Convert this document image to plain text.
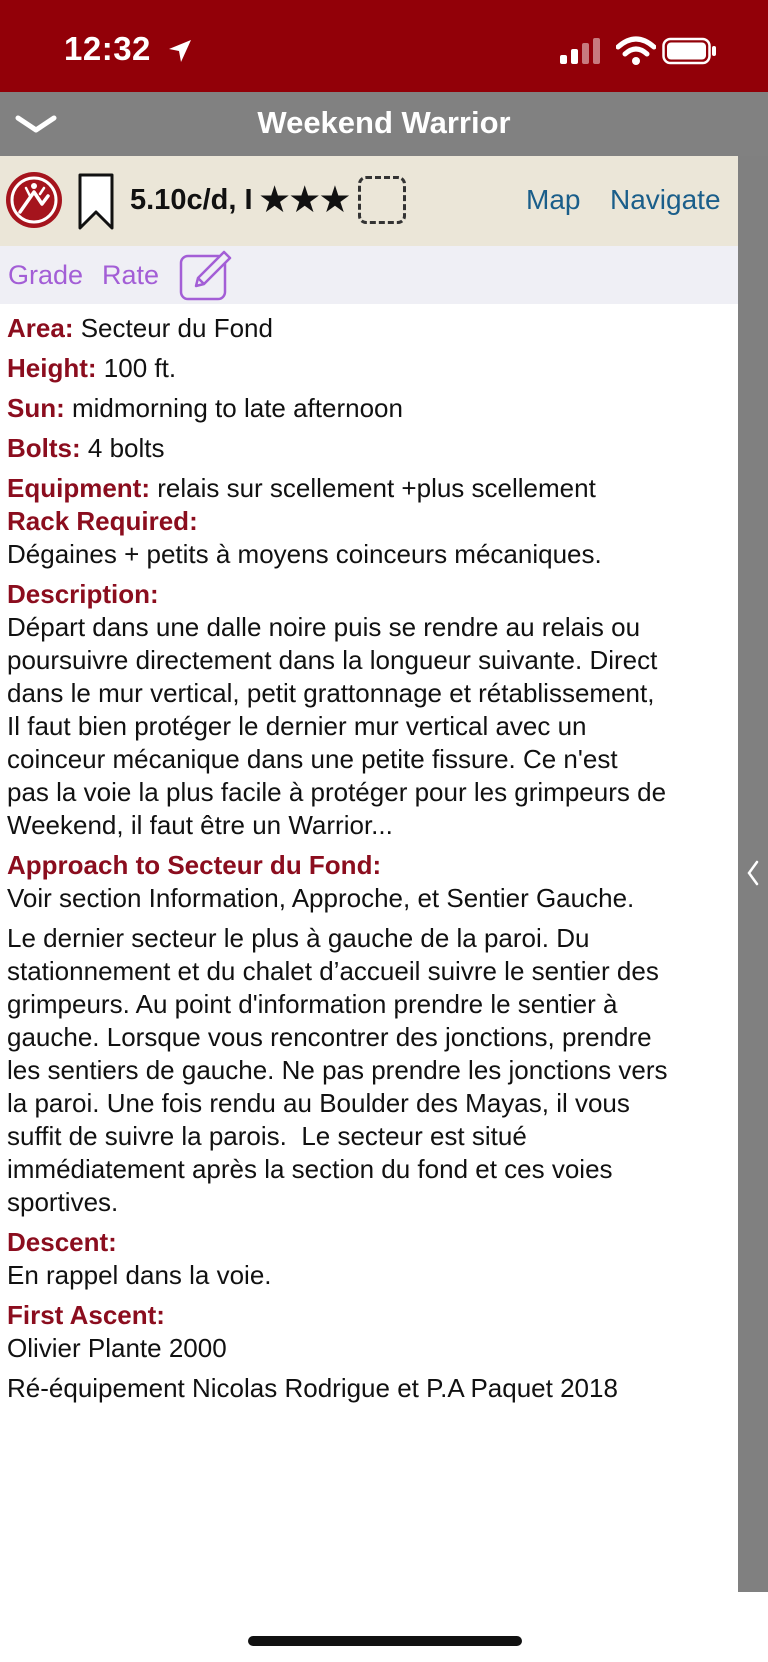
12:32
Weekend Warrior
5.10c/d, I ★★★	Map Navigate
Grade Rate
Area: Secteur du Fond
Height: 100 ft.
Sun: midmorning to late afternoon
Bolts: 4 bolts
Equipment: relais sur scellement +plus scellement
Rack Required:
Dégaines + petits à moyens coinceurs mécaniques.
Description:
Départ dans une dalle noire puis se rendre au relais ou
poursuivre directement dans la longueur suivante. Direct
dans le mur vertical, petit grattonnage et rétablissement,
Il faut bien protéger le dernier mur vertical avec un
coinceur mécanique dans une petite fissure. Ce n'est
pas la voie la plus facile à protéger pour les grimpeurs de
Weekend, il faut être un Warrior...
Approach to Secteur du Fond:
Voir section Information, Approche, et Sentier Gauche.
Le dernier secteur le plus à gauche de la paroi. Du
stationnement et du chalet d’accueil suivre le sentier des
grimpeurs. Au point d'information prendre le sentier à
gauche. Lorsque vous rencontrer des jonctions, prendre
les sentiers de gauche. Ne pas prendre les jonctions vers
la paroi. Une fois rendu au Boulder des Mayas, il vous
suffit de suivre la parois.  Le secteur est situé
immédiatement après la section du fond et ces voies
sportives.
Descent:
En rappel dans la voie.
First Ascent:
Olivier Plante 2000
Ré-équipement Nicolas Rodrigue et P.A Paquet 2018
